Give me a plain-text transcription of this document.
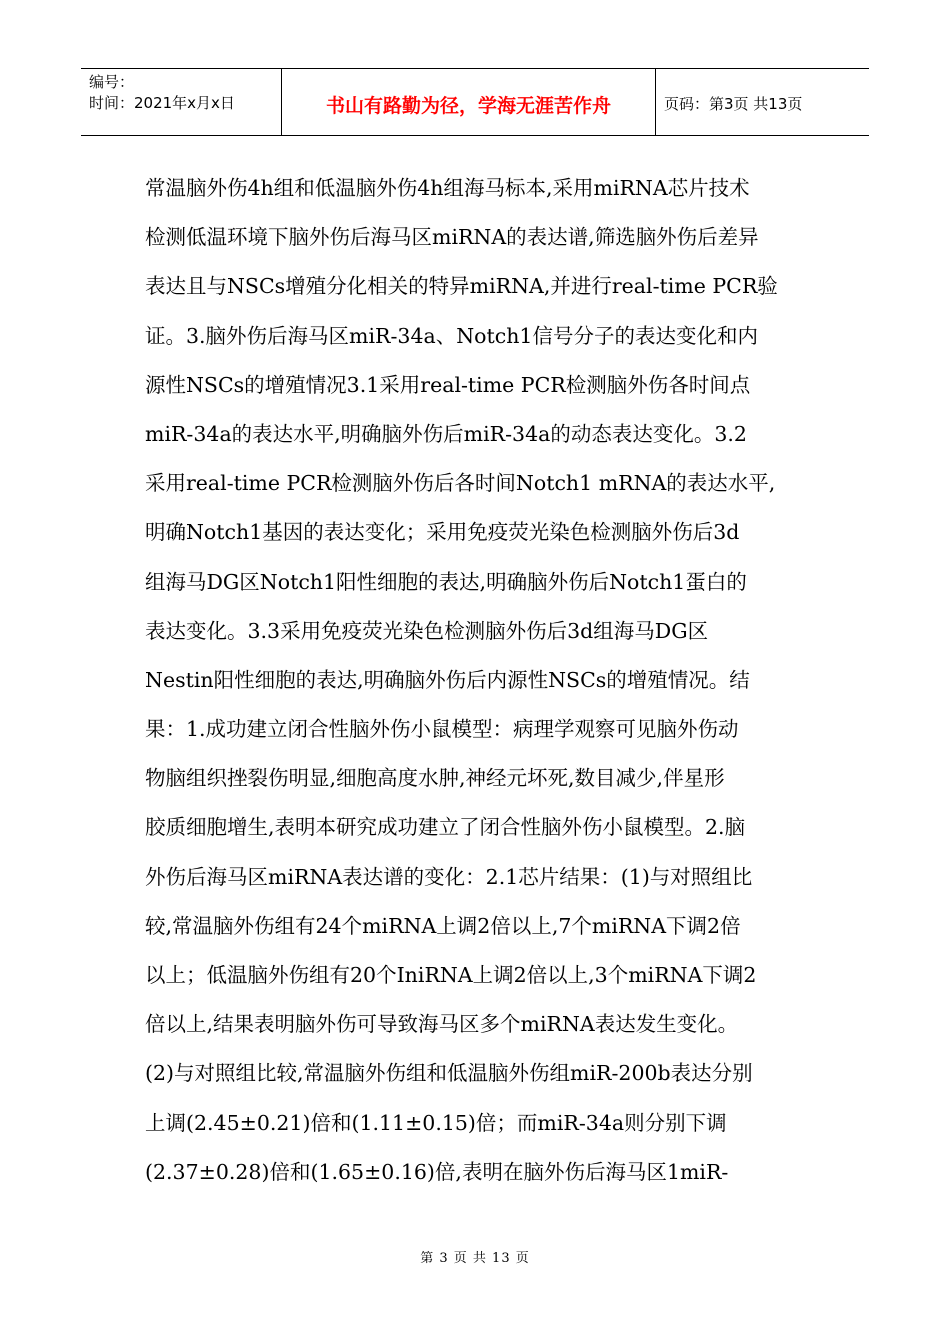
编号：
时间：2021年x月x日	书山有路勤为径，学海无涯苦作舟	页码：第3页 共13页
常温脑外伤4h组和低温脑外伤4h组海马标本,采用miRNA芯片技术
检测低温环境下脑外伤后海马区miRNA的表达谱,筛选脑外伤后差异
表达且与NSCs增殖分化相关的特异miRNA,并进行real-time PCR验
证。3.脑外伤后海马区miR-34a、Notch1信号分子的表达变化和内
源性NSCs的增殖情况3.1采用real-time PCR检测脑外伤各时间点
miR-34a的表达水平,明确脑外伤后miR-34a的动态表达变化。3.2
采用real-time PCR检测脑外伤后各时间Notch1 mRNA的表达水平,
明确Notch1基因的表达变化；采用免疫荧光染色检测脑外伤后3d
组海马DG区Notch1阳性细胞的表达,明确脑外伤后Notch1蛋白的
表达变化。3.3采用免疫荧光染色检测脑外伤后3d组海马DG区
Nestin阳性细胞的表达,明确脑外伤后内源性NSCs的增殖情况。结
果：1.成功建立闭合性脑外伤小鼠模型：病理学观察可见脑外伤动
物脑组织挫裂伤明显,细胞高度水肿,神经元坏死,数目减少,伴星形
胶质细胞增生,表明本研究成功建立了闭合性脑外伤小鼠模型。2.脑
外伤后海马区miRNA表达谱的变化：2.1芯片结果：(1)与对照组比
较,常温脑外伤组有24个miRNA上调2倍以上,7个miRNA下调2倍
以上；低温脑外伤组有20个IniRNA上调2倍以上,3个miRNA下调2
倍以上,结果表明脑外伤可导致海马区多个miRNA表达发生变化。
(2)与对照组比较,常温脑外伤组和低温脑外伤组miR-200b表达分别
上调(2.45±0.21)倍和(1.11±0.15)倍；而miR-34a则分别下调
(2.37±0.28)倍和(1.65±0.16)倍,表明在脑外伤后海马区1miR-
第 3 页 共 13 页
